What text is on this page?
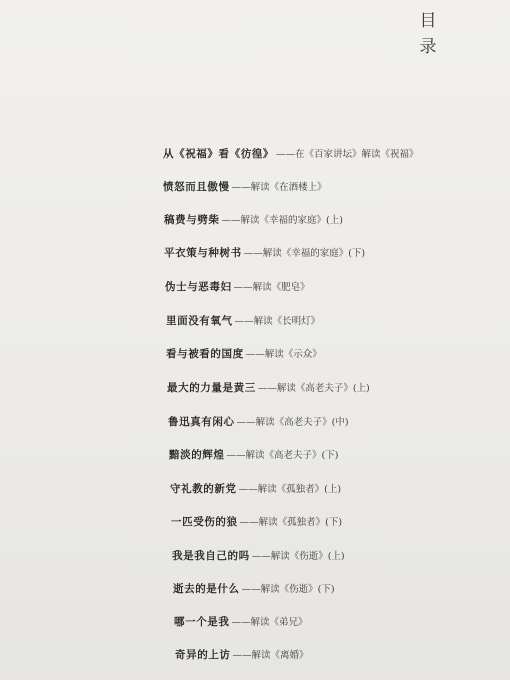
目
录
从《祝福》看《彷徨》 ——在《百家讲坛》解读《祝福》
愤怒而且傲慢 ——解读《在酒楼上》
稿费与劈柴 ——解读《幸福的家庭》(上)
平衣策与种树书 ——解读《幸福的家庭》(下)
伪士与恶毒妇 ——解读《肥皂》
里面没有氧气 ——解读《长明灯》
看与被看的国度 ——解读《示众》
最大的力量是黄三 ——解读《高老夫子》(上)
鲁迅真有闲心 ——解读《高老夫子》(中)
黯淡的辉煌 ——解读《高老夫子》(下)
守礼教的新党 ——解读《孤独者》(上)
一匹受伤的狼 ——解读《孤独者》(下)
我是我自己的吗 ——解读《伤逝》(上)
逝去的是什么 ——解读《伤逝》(下)
哪一个是我 ——解读《弟兄》
奇异的上访 ——解读《离婚》
